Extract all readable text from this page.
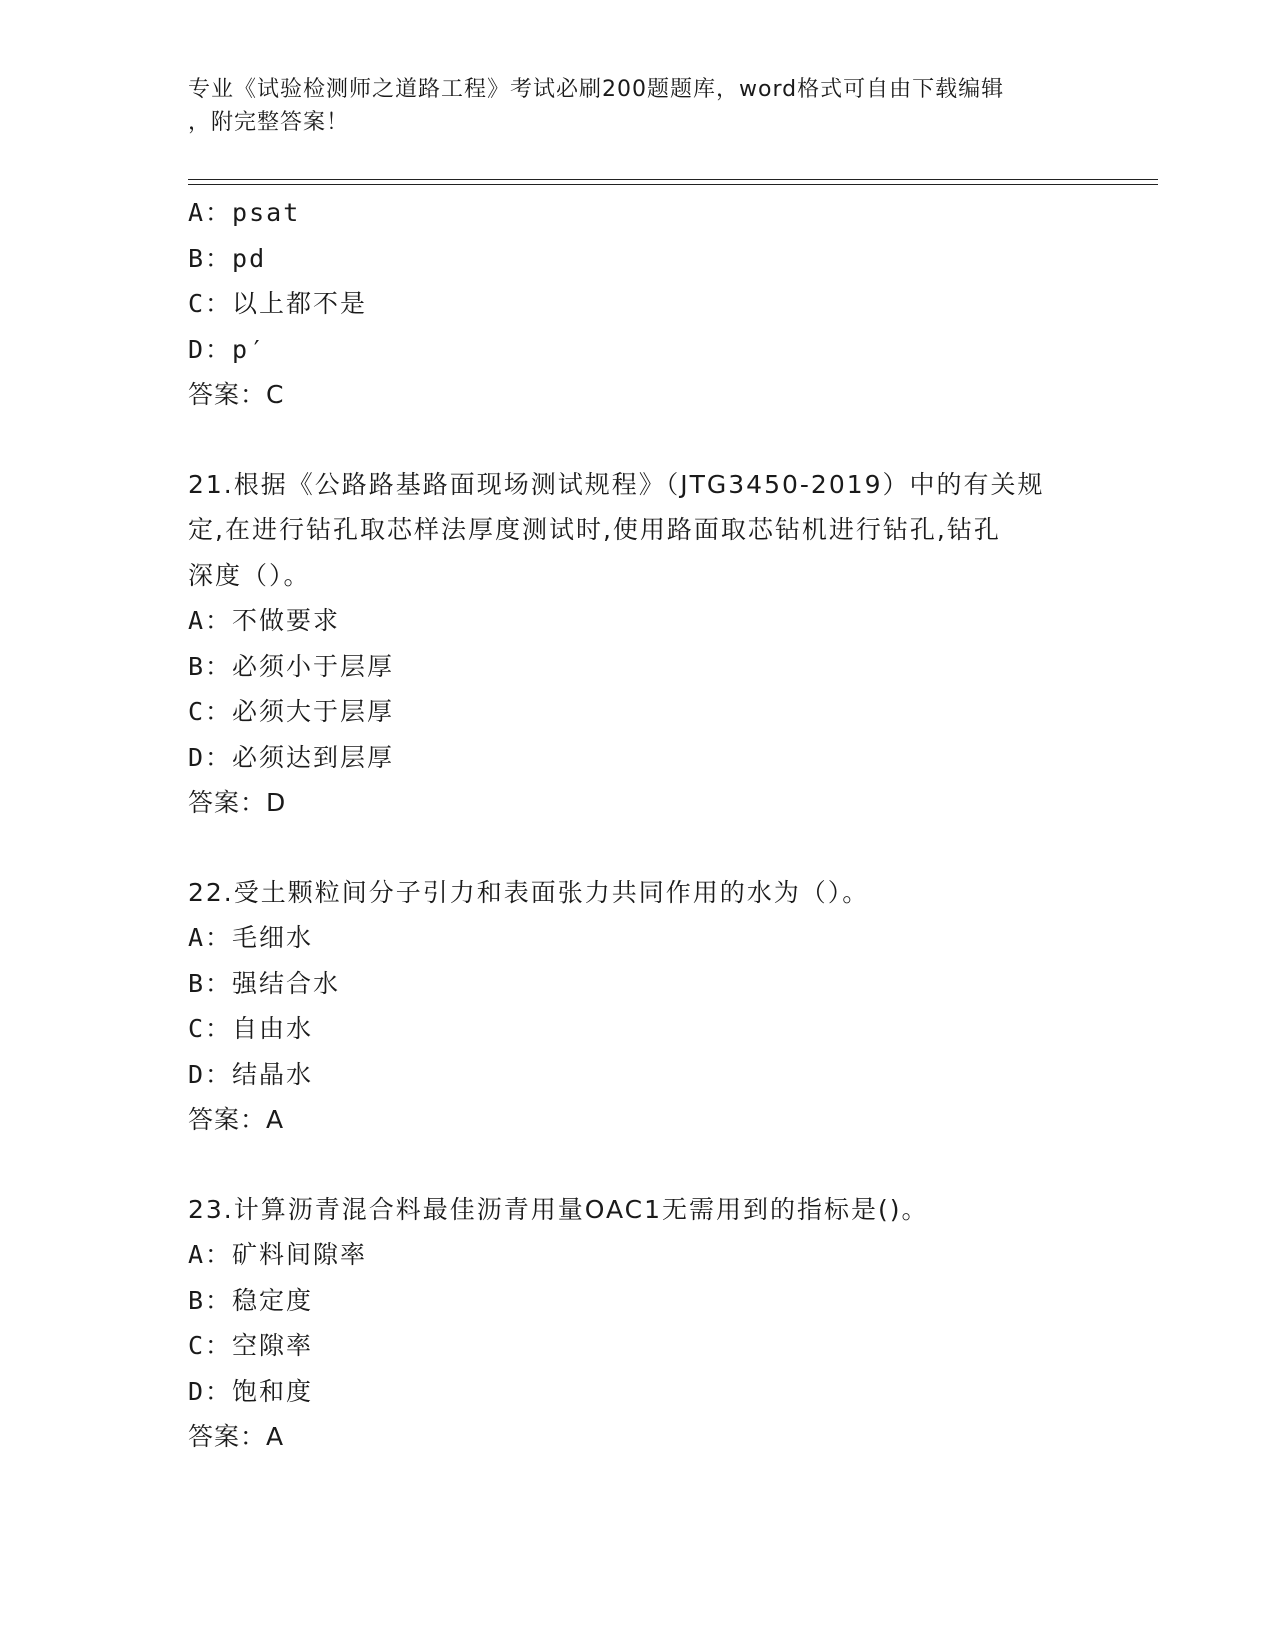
专业《试验检测师之道路工程》考试必刷200题题库，word格式可自由下载编辑
，附完整答案！
A：psat
B：pd
C：以上都不是
D：p′
答案：C
21.根据《公路路基路面现场测试规程》（JTG3450-2019）中的有关规
定,在进行钻孔取芯样法厚度测试时,使用路面取芯钻机进行钻孔,钻孔
深度（）。
A：不做要求
B：必须小于层厚
C：必须大于层厚
D：必须达到层厚
答案：D
22.受土颗粒间分子引力和表面张力共同作用的水为（）。
A：毛细水
B：强结合水
C：自由水
D：结晶水
答案：A
23.计算沥青混合料最佳沥青用量OAC1无需用到的指标是()。
A：矿料间隙率
B：稳定度
C：空隙率
D：饱和度
答案：A
